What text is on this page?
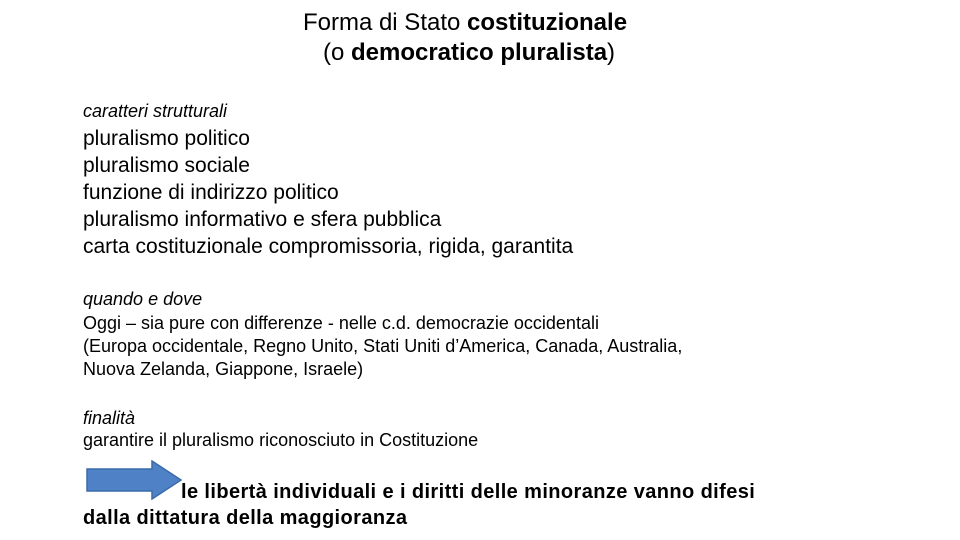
Forma di Stato costituzionale
(o democratico pluralista)
caratteri strutturali
pluralismo politico
pluralismo sociale
funzione di indirizzo politico
pluralismo informativo e sfera pubblica
carta costituzionale compromissoria, rigida, garantita
quando e dove
Oggi – sia pure con differenze - nelle c.d. democrazie occidentali
(Europa occidentale, Regno Unito, Stati Uniti d’America, Canada, Australia,
Nuova Zelanda, Giappone, Israele)
finalità
garantire il pluralismo riconosciuto in Costituzione
le libertà individuali e i diritti delle minoranze vanno difesi
dalla dittatura della maggioranza
